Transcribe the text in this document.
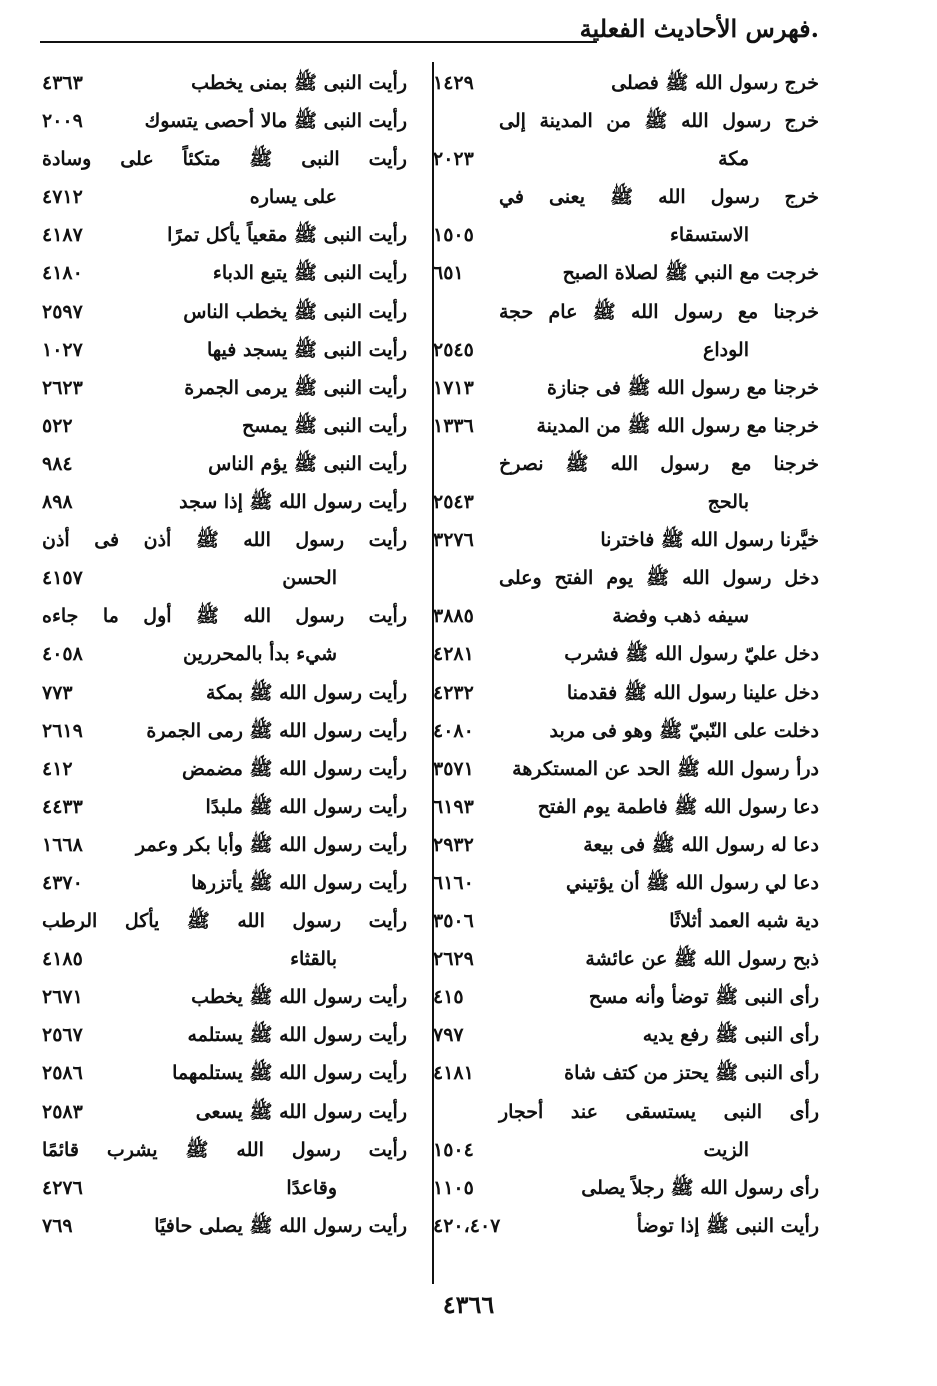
.فهرس الأحاديث الفعلية
خرج رسول الله ﷺ فصلى
١٤٢٩
خرج رسول الله ﷺ من المدينة إلى
مكة
٢٠٢٣
خرج رسول الله ﷺ يعنى في
الاستسقاء
١٥٠٥
خرجت مع النبي ﷺ لصلاة الصبح
٦٥١
خرجنا مع رسول الله ﷺ عام حجة
الوداع
٢٥٤٥
خرجنا مع رسول الله ﷺ فى جنازة
١٧١٣
خرجنا مع رسول الله ﷺ من المدينة
١٣٣٦
خرجنا مع رسول الله ﷺ نصرخ
بالحج
٢٥٤٣
خيَّرنا رسول الله ﷺ فاخترنا
٣٢٧٦
دخل رسول الله ﷺ يوم الفتح وعلى
سيفه ذهب وفضة
٣٨٨٥
دخل عليّ رسول الله ﷺ فشرب
٤٢٨١
دخل علينا رسول الله ﷺ فقدمنا
٤٢٣٢
دخلت على النّبيّ ﷺ وهو فى مربد
٤٠٨٠
درأ رسول الله ﷺ الحد عن المستكرهة
٣٥٧١
دعا رسول الله ﷺ فاطمة يوم الفتح
٦١٩٣
دعا له رسول الله ﷺ فى بيعة
٢٩٣٢
دعا لي رسول الله ﷺ أن يؤتيني
٦١٦٠
دية شبه العمد أثلاثًا
٣٥٠٦
ذبح رسول الله ﷺ عن عائشة
٢٦٢٩
رأى النبى ﷺ توضأ وأنه مسح
٤١٥
رأى النبى ﷺ رفع يديه
٧٩٧
رأى النبى ﷺ يحتز من كتف شاة
٤١٨١
رأى النبى يستسقى عند أحجار
الزيت
١٥٠٤
رأى رسول الله ﷺ رجلاً يصلى
١١٠٥
رأيت النبى ﷺ إذا توضأ
٤٢٠،٤٠٧
رأيت النبى ﷺ بمنى يخطب
٤٣٦٣
رأيت النبى ﷺ مالا أحصى يتسوك
٢٠٠٩
رأيت النبى ﷺ متكئاً على وسادة
على يساره
٤٧١٢
رأيت النبى ﷺ مقعياً يأكل تمرًا
٤١٨٧
رأيت النبى ﷺ يتبع الدباء
٤١٨٠
رأيت النبى ﷺ يخطب الناس
٢٥٩٧
رأيت النبى ﷺ يسجد فيها
١٠٢٧
رأيت النبى ﷺ يرمى الجمرة
٢٦٢٣
رأيت النبى ﷺ يمسح
٥٢٢
رأيت النبى ﷺ يؤم الناس
٩٨٤
رأيت رسول الله ﷺ إذا سجد
٨٩٨
رأيت رسول الله ﷺ أذن فى أذن
الحسن
٤١٥٧
رأيت رسول الله ﷺ أول ما جاءه
شيء بدأ بالمحررين
٤٠٥٨
رأيت رسول الله ﷺ بمكة
٧٧٣
رأيت رسول الله ﷺ رمى الجمرة
٢٦١٩
رأيت رسول الله ﷺ مضمض
٤١٢
رأيت رسول الله ﷺ ملبدًا
٤٤٣٣
رأيت رسول الله ﷺ وأبا بكر وعمر
١٦٦٨
رأيت رسول الله ﷺ يأتزرها
٤٣٧٠
رأيت رسول الله ﷺ يأكل الرطب
بالقثاء
٤١٨٥
رأيت رسول الله ﷺ يخطب
٢٦٧١
رأيت رسول الله ﷺ يستلمه
٢٥٦٧
رأيت رسول الله ﷺ يستلمهما
٢٥٨٦
رأيت رسول الله ﷺ يسعى
٢٥٨٣
رأيت رسول الله ﷺ يشرب قائمًا
وقاعدًا
٤٢٧٦
رأيت رسول الله ﷺ يصلى حافيًا
٧٦٩
٤٣٦٦
